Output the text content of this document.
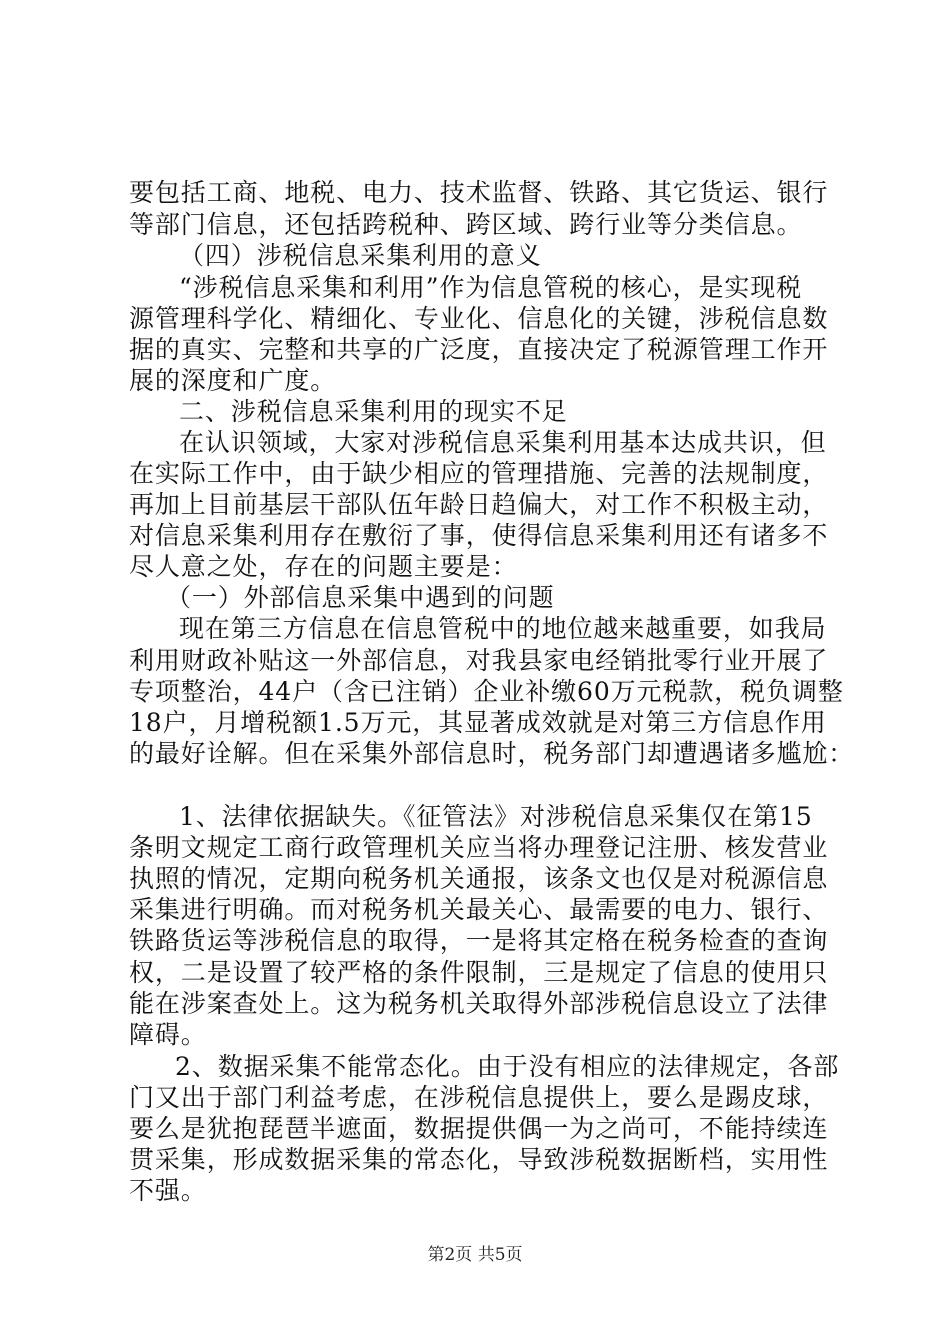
要包括工商、地税、电力、技术监督、铁路、其它货运、银行
等部门信息，还包括跨税种、跨区域、跨行业等分类信息。
（四）涉税信息采集利用的意义
“涉税信息采集和利用”作为信息管税的核心，是实现税
源管理科学化、精细化、专业化、信息化的关键，涉税信息数
据的真实、完整和共享的广泛度，直接决定了税源管理工作开
展的深度和广度。
二、涉税信息采集利用的现实不足
在认识领域，大家对涉税信息采集利用基本达成共识，但
在实际工作中，由于缺少相应的管理措施、完善的法规制度，
再加上目前基层干部队伍年龄日趋偏大，对工作不积极主动，
对信息采集利用存在敷衍了事，使得信息采集利用还有诸多不
尽人意之处，存在的问题主要是：
（一）外部信息采集中遇到的问题
现在第三方信息在信息管税中的地位越来越重要，如我局
利用财政补贴这一外部信息，对我县家电经销批零行业开展了
专项整治，44户（含已注销）企业补缴60万元税款，税负调整
18户，月增税额1.5万元，其显著成效就是对第三方信息作用
的最好诠解。但在采集外部信息时，税务部门却遭遇诸多尴尬：
1、法律依据缺失。《征管法》对涉税信息采集仅在第15
条明文规定工商行政管理机关应当将办理登记注册、核发营业
执照的情况，定期向税务机关通报，该条文也仅是对税源信息
采集进行明确。而对税务机关最关心、最需要的电力、银行、
铁路货运等涉税信息的取得，一是将其定格在税务检查的查询
权，二是设置了较严格的条件限制，三是规定了信息的使用只
能在涉案查处上。这为税务机关取得外部涉税信息设立了法律
障碍。
2、数据采集不能常态化。由于没有相应的法律规定，各部
门又出于部门利益考虑，在涉税信息提供上，要么是踢皮球，
要么是犹抱琵琶半遮面，数据提供偶一为之尚可，不能持续连
贯采集，形成数据采集的常态化，导致涉税数据断档，实用性
不强。
第2页 共5页
